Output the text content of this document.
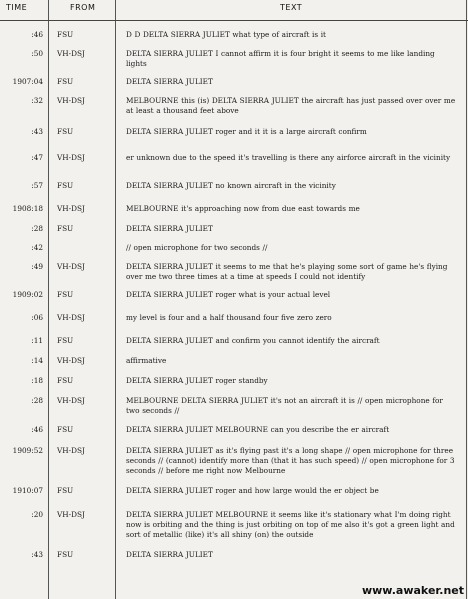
TIME	FROM	TEXT
:46 FSU	D D DELTA SIERRA JULIET what type of aircraft is it
:50 VH-DSJ	DELTA SIERRA JULIET I cannot affirm it is four bright it seems to me like landing lights
1907:04 FSU	DELTA SIERRA JULIET
:32 VH-DSJ	MELBOURNE this (is) DELTA SIERRA JULIET the aircraft has just passed over over me at least a thousand feet above
:43 FSU	DELTA SIERRA JULIET roger and it it is a large aircraft confirm
:47 VH-DSJ	er unknown due to the speed it's travelling is there any airforce aircraft in the vicinity
:57 FSU	DELTA SIERRA JULIET no known aircraft in the vicinity
1908:18 VH-DSJ	MELBOURNE it's approaching now from due east towards me
:28 FSU	DELTA SIERRA JULIET
:42	// open microphone for two seconds //
:49 VH-DSJ	DELTA SIERRA JULIET it seems to me that he's playing some sort of game he's flying over me two three times at a time at speeds I could not identify
1909:02 FSU	DELTA SIERRA JULIET roger what is your actual level
:06 VH-DSJ	my level is four and a half thousand four five zero zero
:11 FSU	DELTA SIERRA JULIET and confirm you cannot identify the aircraft
:14 VH-DSJ	affirmative
:18 FSU	DELTA SIERRA JULIET roger standby
:28 VH-DSJ	MELBOURNE DELTA SIERRA JULIET it's not an aircraft it is // open microphone for two seconds //
:46 FSU	DELTA SIERRA JULIET MELBOURNE can you describe the er aircraft
1909:52 VH-DSJ	DELTA SIERRA JULIET as it's flying past it's a long shape // open microphone for three seconds // (cannot) identify more than (that it has such speed) // open microphone for 3 seconds // before me right now Melbourne
1910:07 FSU	DELTA SIERRA JULIET roger and how large would the er object be
:20 VH-DSJ	DELTA SIERRA JULIET MELBOURNE it seems like it's stationary what I'm doing right now is orbiting and the thing is just orbiting on top of me also it's got a green light and sort of metallic (like) it's all shiny (on) the outside
:43 FSU	DELTA SIERRA JULIET
www.awaker.net
